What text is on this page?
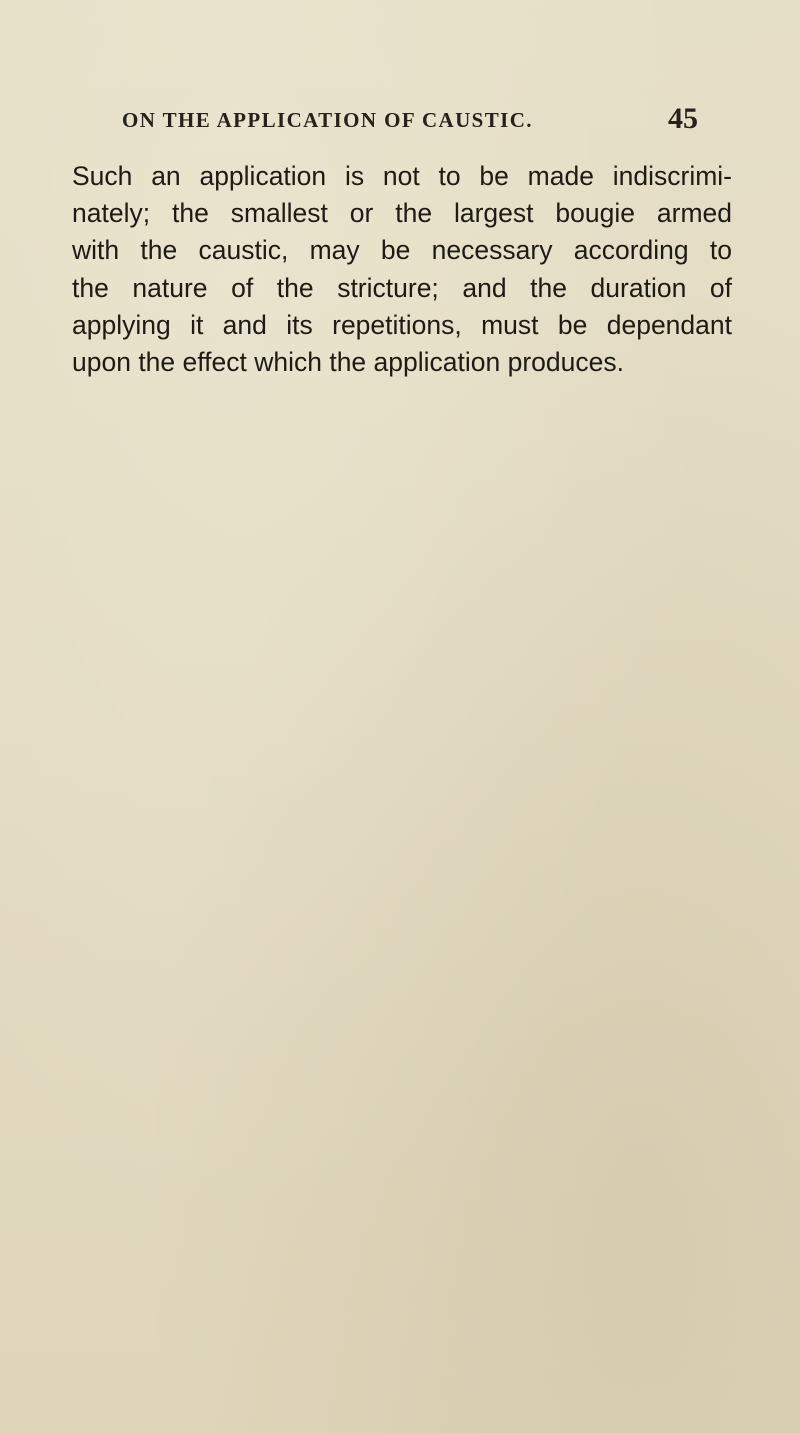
ON THE APPLICATION OF CAUSTIC.	45
Such an application is not to be made indiscrimi-
nately; the smallest or the largest bougie armed
with the caustic, may be necessary according to
the nature of the stricture; and the duration of
applying it and its repetitions, must be dependant
upon the effect which the application produces.
